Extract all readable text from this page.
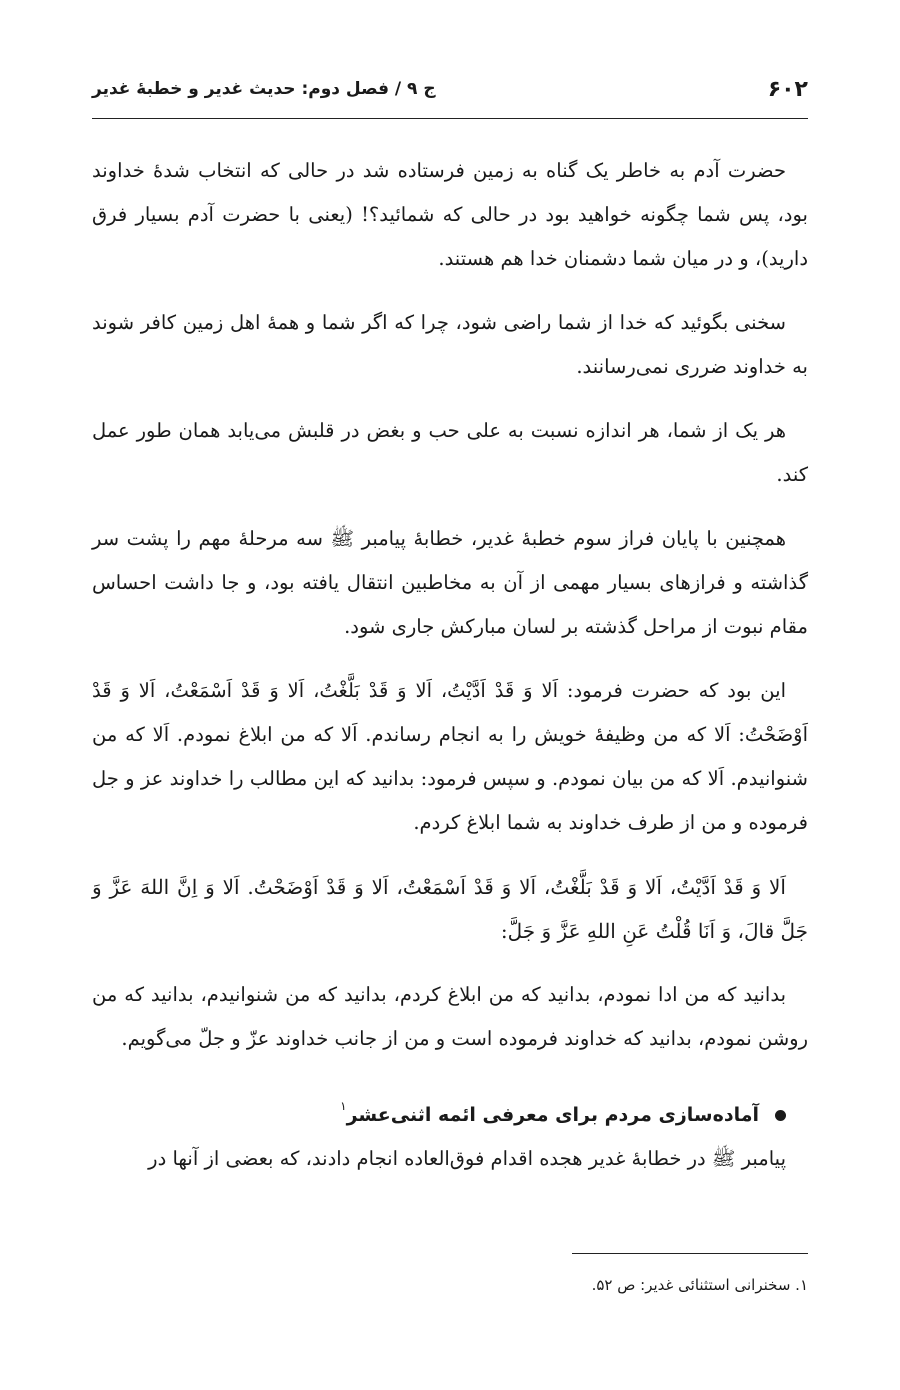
۶۰۲
ج ۹ / فصل دوم: حدیث غدیر و خطبهٔ غدیر

حضرت آدم به خاطر یک گناه به زمین فرستاده شد در حالی که انتخاب شدهٔ خداوند بود، پس شما چگونه خواهید بود در حالی که شمائید؟! (یعنی با حضرت آدم بسیار فرق دارید)، و در میان شما دشمنان خدا هم هستند.

سخنی بگوئید که خدا از شما راضی شود، چرا که اگر شما و همهٔ اهل زمین کافر شوند به خداوند ضرری نمی‌رسانند.

هر یک از شما، هر اندازه نسبت به علی حب و بغض در قلبش می‌یابد همان طور عمل کند.

همچنین با پایان فراز سوم خطبهٔ غدیر، خطابهٔ پیامبر ﷺ سه مرحلهٔ مهم را پشت سر گذاشته و فرازهای بسیار مهمی از آن به مخاطبین انتقال یافته بود، و جا داشت احساس مقام نبوت از مراحل گذشته بر لسان مبارکش جاری شود.

این بود که حضرت فرمود: اَلا وَ قَدْ اَدَّیْتُ، اَلا وَ قَدْ بَلَّغْتُ، اَلا وَ قَدْ اَسْمَعْتُ، اَلا وَ قَدْ اَوْضَحْتُ: اَلا که من وظیفهٔ خویش را به انجام رساندم. اَلا که من ابلاغ نمودم. اَلا که من شنوانیدم. اَلا که من بیان نمودم. و سپس فرمود: بدانید که این مطالب را خداوند عز و جل فرموده و من از طرف خداوند به شما ابلاغ کردم.

اَلا وَ قَدْ اَدَّیْتُ، اَلا وَ قَدْ بَلَّغْتُ، اَلا وَ قَدْ اَسْمَعْتُ، اَلا وَ قَدْ اَوْضَحْتُ. اَلا وَ اِنَّ اللهَ عَزَّ وَ جَلَّ قالَ، وَ اَنَا قُلْتُ عَنِ اللهِ عَزَّ وَ جَلَّ:

بدانید که من ادا نمودم، بدانید که من ابلاغ کردم، بدانید که من شنوانیدم، بدانید که من روشن نمودم، بدانید که خداوند فرموده است و من از جانب خداوند عزّ و جلّ می‌گویم.

آماده‌سازی مردم برای معرفی ائمه اثنی‌عشر
۱

پیامبر ﷺ در خطابهٔ غدیر هجده اقدام فوق‌العاده انجام دادند، که بعضی از آنها در

۱. سخنرانی استثنائی غدیر: ص ۵۲.
